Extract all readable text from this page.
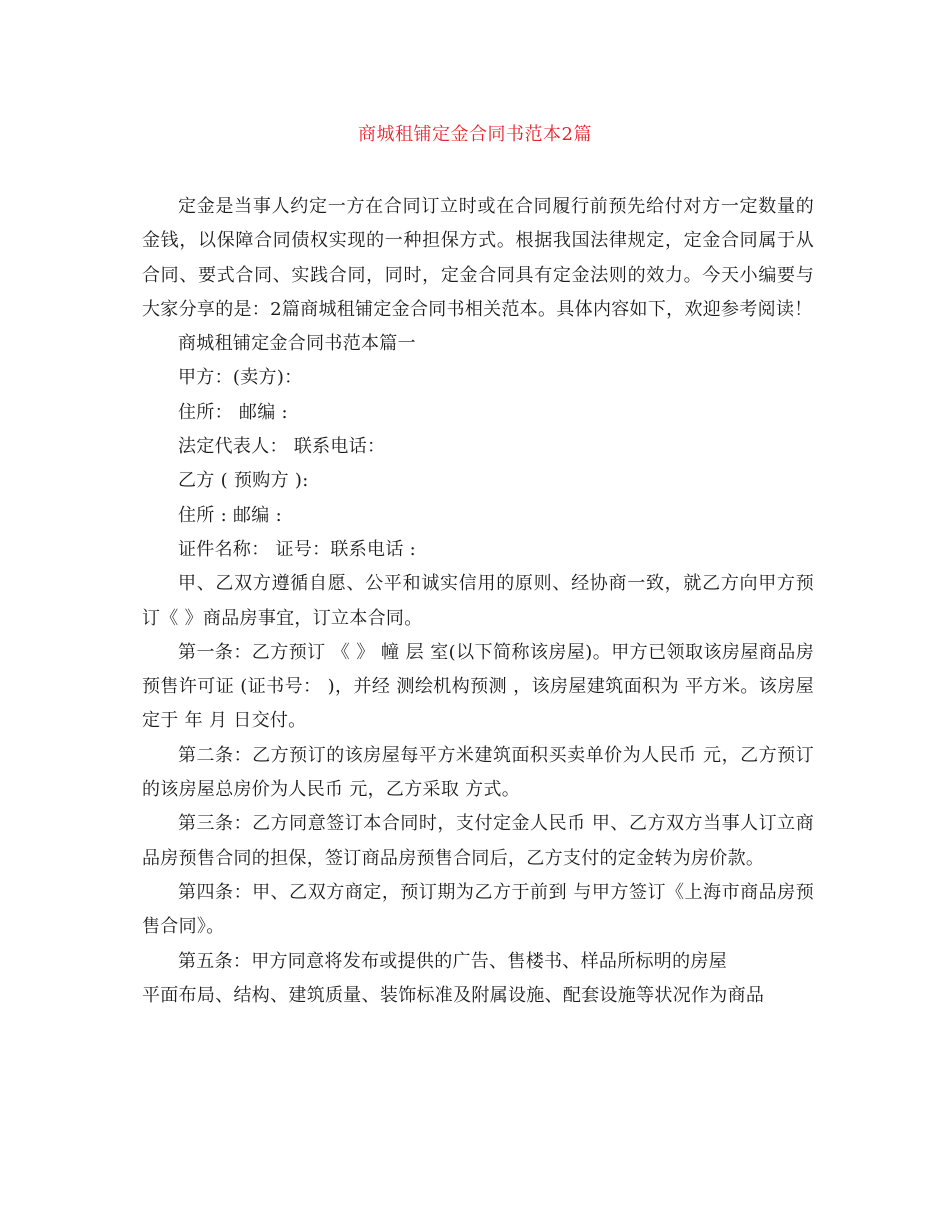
商城租铺定金合同书范本2篇

定金是当事人约定一方在合同订立时或在合同履行前预先给付对方一定数量的金钱，以保障合同债权实现的一种担保方式。根据我国法律规定，定金合同属于从合同、要式合同、实践合同，同时，定金合同具有定金法则的效力。今天小编要与大家分享的是：2篇商城租铺定金合同书相关范本。具体内容如下，欢迎参考阅读！

商城租铺定金合同书范本篇一

甲方：(卖方)：

住所： 邮编 :

法定代表人： 联系电话：

乙方 ( 预购方 ):

住所 : 邮编 :

证件名称： 证号：联系电话 :

甲、乙双方遵循自愿、公平和诚实信用的原则、经协商一致，就乙方向甲方预订《 》商品房事宜，订立本合同。

第一条：乙方预订 《 》 幢 层 室(以下简称该房屋)。甲方已领取该房屋商品房预售许可证 (证书号： )，并经 测绘机构预测 ，该房屋建筑面积为 平方米。该房屋定于 年 月 日交付。

第二条：乙方预订的该房屋每平方米建筑面积买卖单价为人民币 元，乙方预订的该房屋总房价为人民币 元，乙方采取 方式。

第三条：乙方同意签订本合同时，支付定金人民币 甲、乙方双方当事人订立商品房预售合同的担保，签订商品房预售合同后，乙方支付的定金转为房价款。

第四条：甲、乙双方商定，预订期为乙方于前到 与甲方签订《上海市商品房预售合同》。

第五条：甲方同意将发布或提供的广告、售楼书、样品所标明的房屋

平面布局、结构、建筑质量、装饰标准及附属设施、配套设施等状况作为商品
